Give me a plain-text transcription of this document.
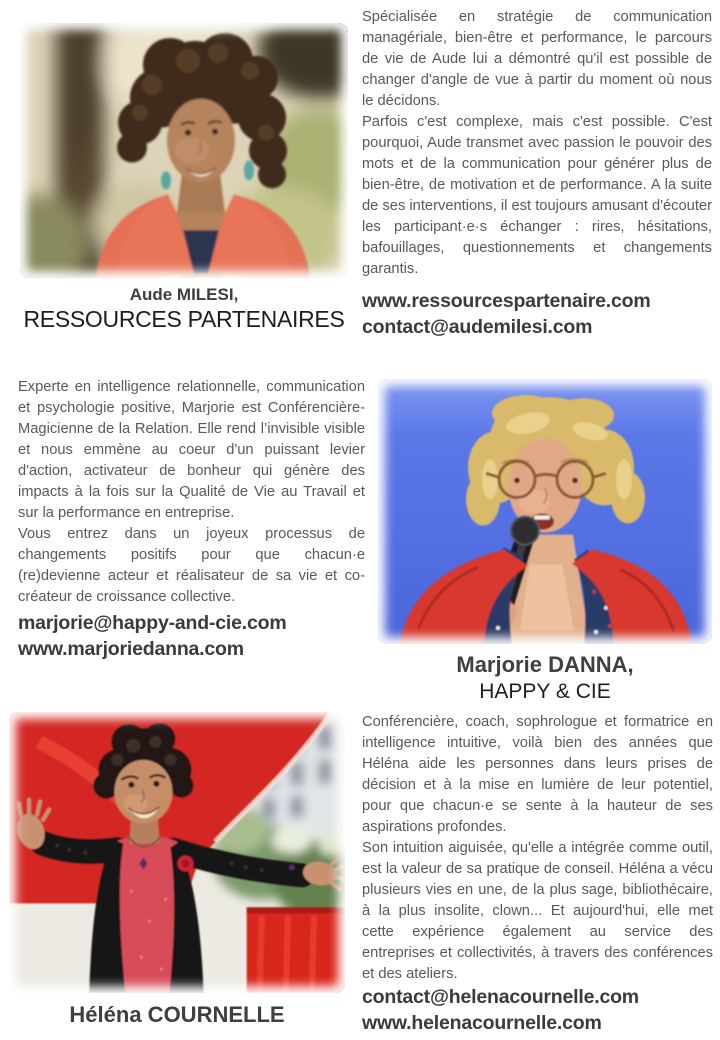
Aude MILESI,
RESSOURCES PARTENAIRES

Spécialisée en stratégie de communication managériale, bien-être et performance, le parcours de vie de Aude lui a démontré qu'il est possible de changer d'angle de vue à partir du moment où nous le décidons.

Parfois c'est complexe, mais c'est possible. C'est pourquoi, Aude transmet avec passion le pouvoir des mots et de la communication pour générer plus de bien-être, de motivation et de performance. A la suite de ses interventions, il est toujours amusant d'écouter les participant·e·s échanger : rires, hésitations, bafouillages, questionnements et changements garantis.

www.ressourcespartenaire.com
contact@audemilesi.com

Experte en intelligence relationnelle, communication et psychologie positive, Marjorie est Conférencière-Magicienne de la Relation. Elle rend l’invisible visible et nous emmène au coeur d'un puissant levier d'action, activateur de bonheur qui génère des impacts à la fois sur la Qualité de Vie au Travail et sur la performance en entreprise.

Vous entrez dans un joyeux processus de changements positifs pour que chacun·e (re)devienne acteur et réalisateur de sa vie et co-créateur de croissance collective.

marjorie@happy-and-cie.com
www.marjoriedanna.com
Marjorie DANNA,
HAPPY & CIE
Héléna COURNELLE

Conférencière, coach, sophrologue et formatrice en intelligence intuitive, voilà bien des années que Héléna aide les personnes dans leurs prises de décision et à la mise en lumière de leur potentiel, pour que chacun·e se sente à la hauteur de ses aspirations profondes.

Son intuition aiguisée, qu'elle a intégrée comme outil, est la valeur de sa pratique de conseil. Héléna a vécu plusieurs vies en une, de la plus sage, bibliothécaire, à la plus insolite, clown... Et aujourd'hui, elle met cette expérience également au service des entreprises et collectivités, à travers des conférences et des ateliers.

contact@helenacournelle.com
www.helenacournelle.com
